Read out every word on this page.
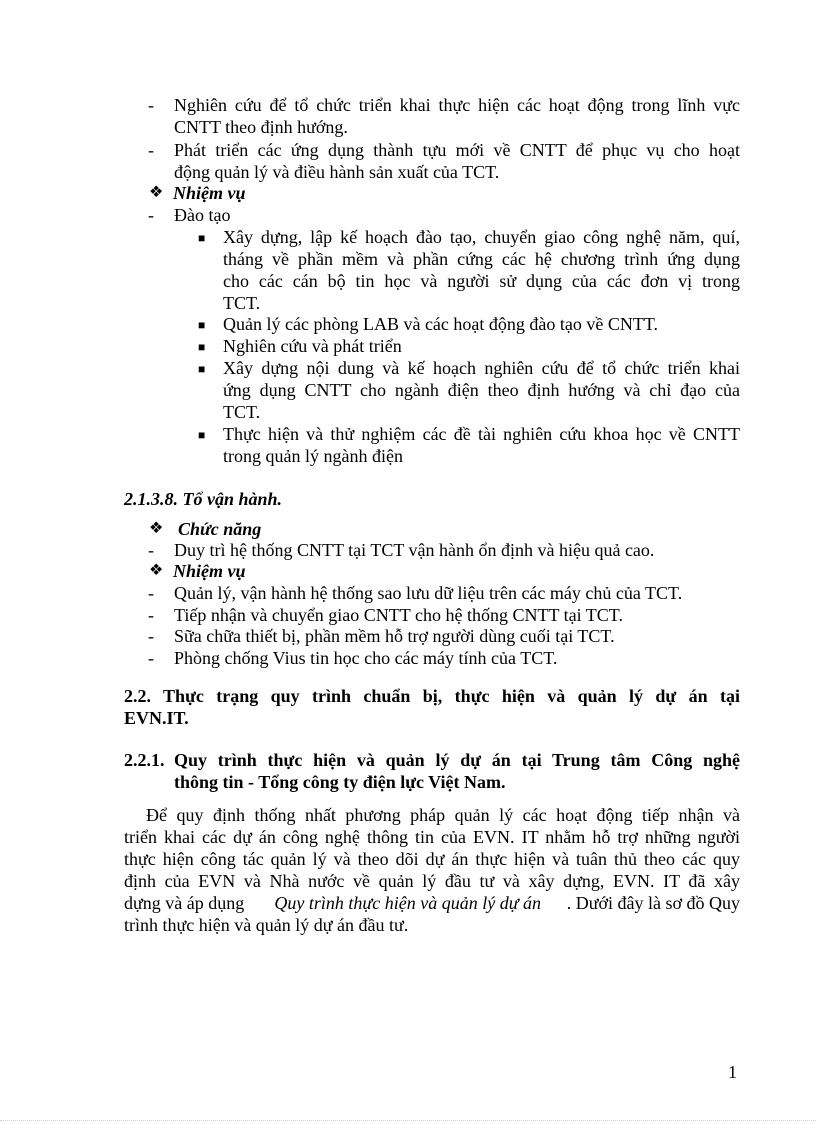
- Nghiên cứu để tổ chức triển khai thực hiện các hoạt động trong lĩnh vực
CNTT theo định hướng.
- Phát triển các ứng dụng thành tựu mới về CNTT để phục vụ cho hoạt
động quản lý và điều hành sản xuất của TCT.
❖ Nhiệm vụ
- Đào tạo
■ Xây dựng, lập kế hoạch đào tạo, chuyển giao công nghệ năm, quí,
tháng về phần mềm và phần cứng các hệ chương trình ứng dụng
cho các cán bộ tin học và người sử dụng của các đơn vị trong
TCT.
■ Quản lý các phòng LAB và các hoạt động đào tạo về CNTT.
■ Nghiên cứu và phát triển
■ Xây dựng nội dung và kế hoạch nghiên cứu để tổ chức triển khai
ứng dụng CNTT cho ngành điện theo định hướng và chỉ đạo của
TCT.
■ Thực hiện và thử nghiệm các đề tài nghiên cứu khoa học về CNTT
trong quản lý ngành điện
2.1.3.8. Tổ vận hành.
❖ Chức năng
- Duy trì hệ thống CNTT tại TCT vận hành ổn định và hiệu quả cao.
❖ Nhiệm vụ
- Quản lý, vận hành hệ thống sao lưu dữ liệu trên các máy chủ của TCT.
- Tiếp nhận và chuyển giao CNTT cho hệ thống CNTT tại TCT.
- Sữa chữa thiết bị, phần mềm hỗ trợ người dùng cuối tại TCT.
- Phòng chống Vius tin học cho các máy tính của TCT.
2.2. Thực trạng quy trình chuẩn bị, thực hiện và quản lý dự án tại
EVN.IT.
2.2.1. Quy trình thực hiện và quản lý dự án tại Trung tâm Công nghệ
thông tin - Tổng công ty điện lực Việt Nam.
Để quy định thống nhất phương pháp quản lý các hoạt động tiếp nhận và
triển khai các dự án công nghệ thông tin của EVN. IT nhằm hỗ trợ những người
thực hiện công tác quản lý và theo dõi dự án thực hiện và tuân thủ theo các quy
định của EVN và Nhà nước về quản lý đầu tư và xây dựng, EVN. IT đã xây
dựng và áp dụng Quy trình thực hiện và quản lý dự án . Dưới đây là sơ đồ Quy
trình thực hiện và quản lý dự án đầu tư.
1
